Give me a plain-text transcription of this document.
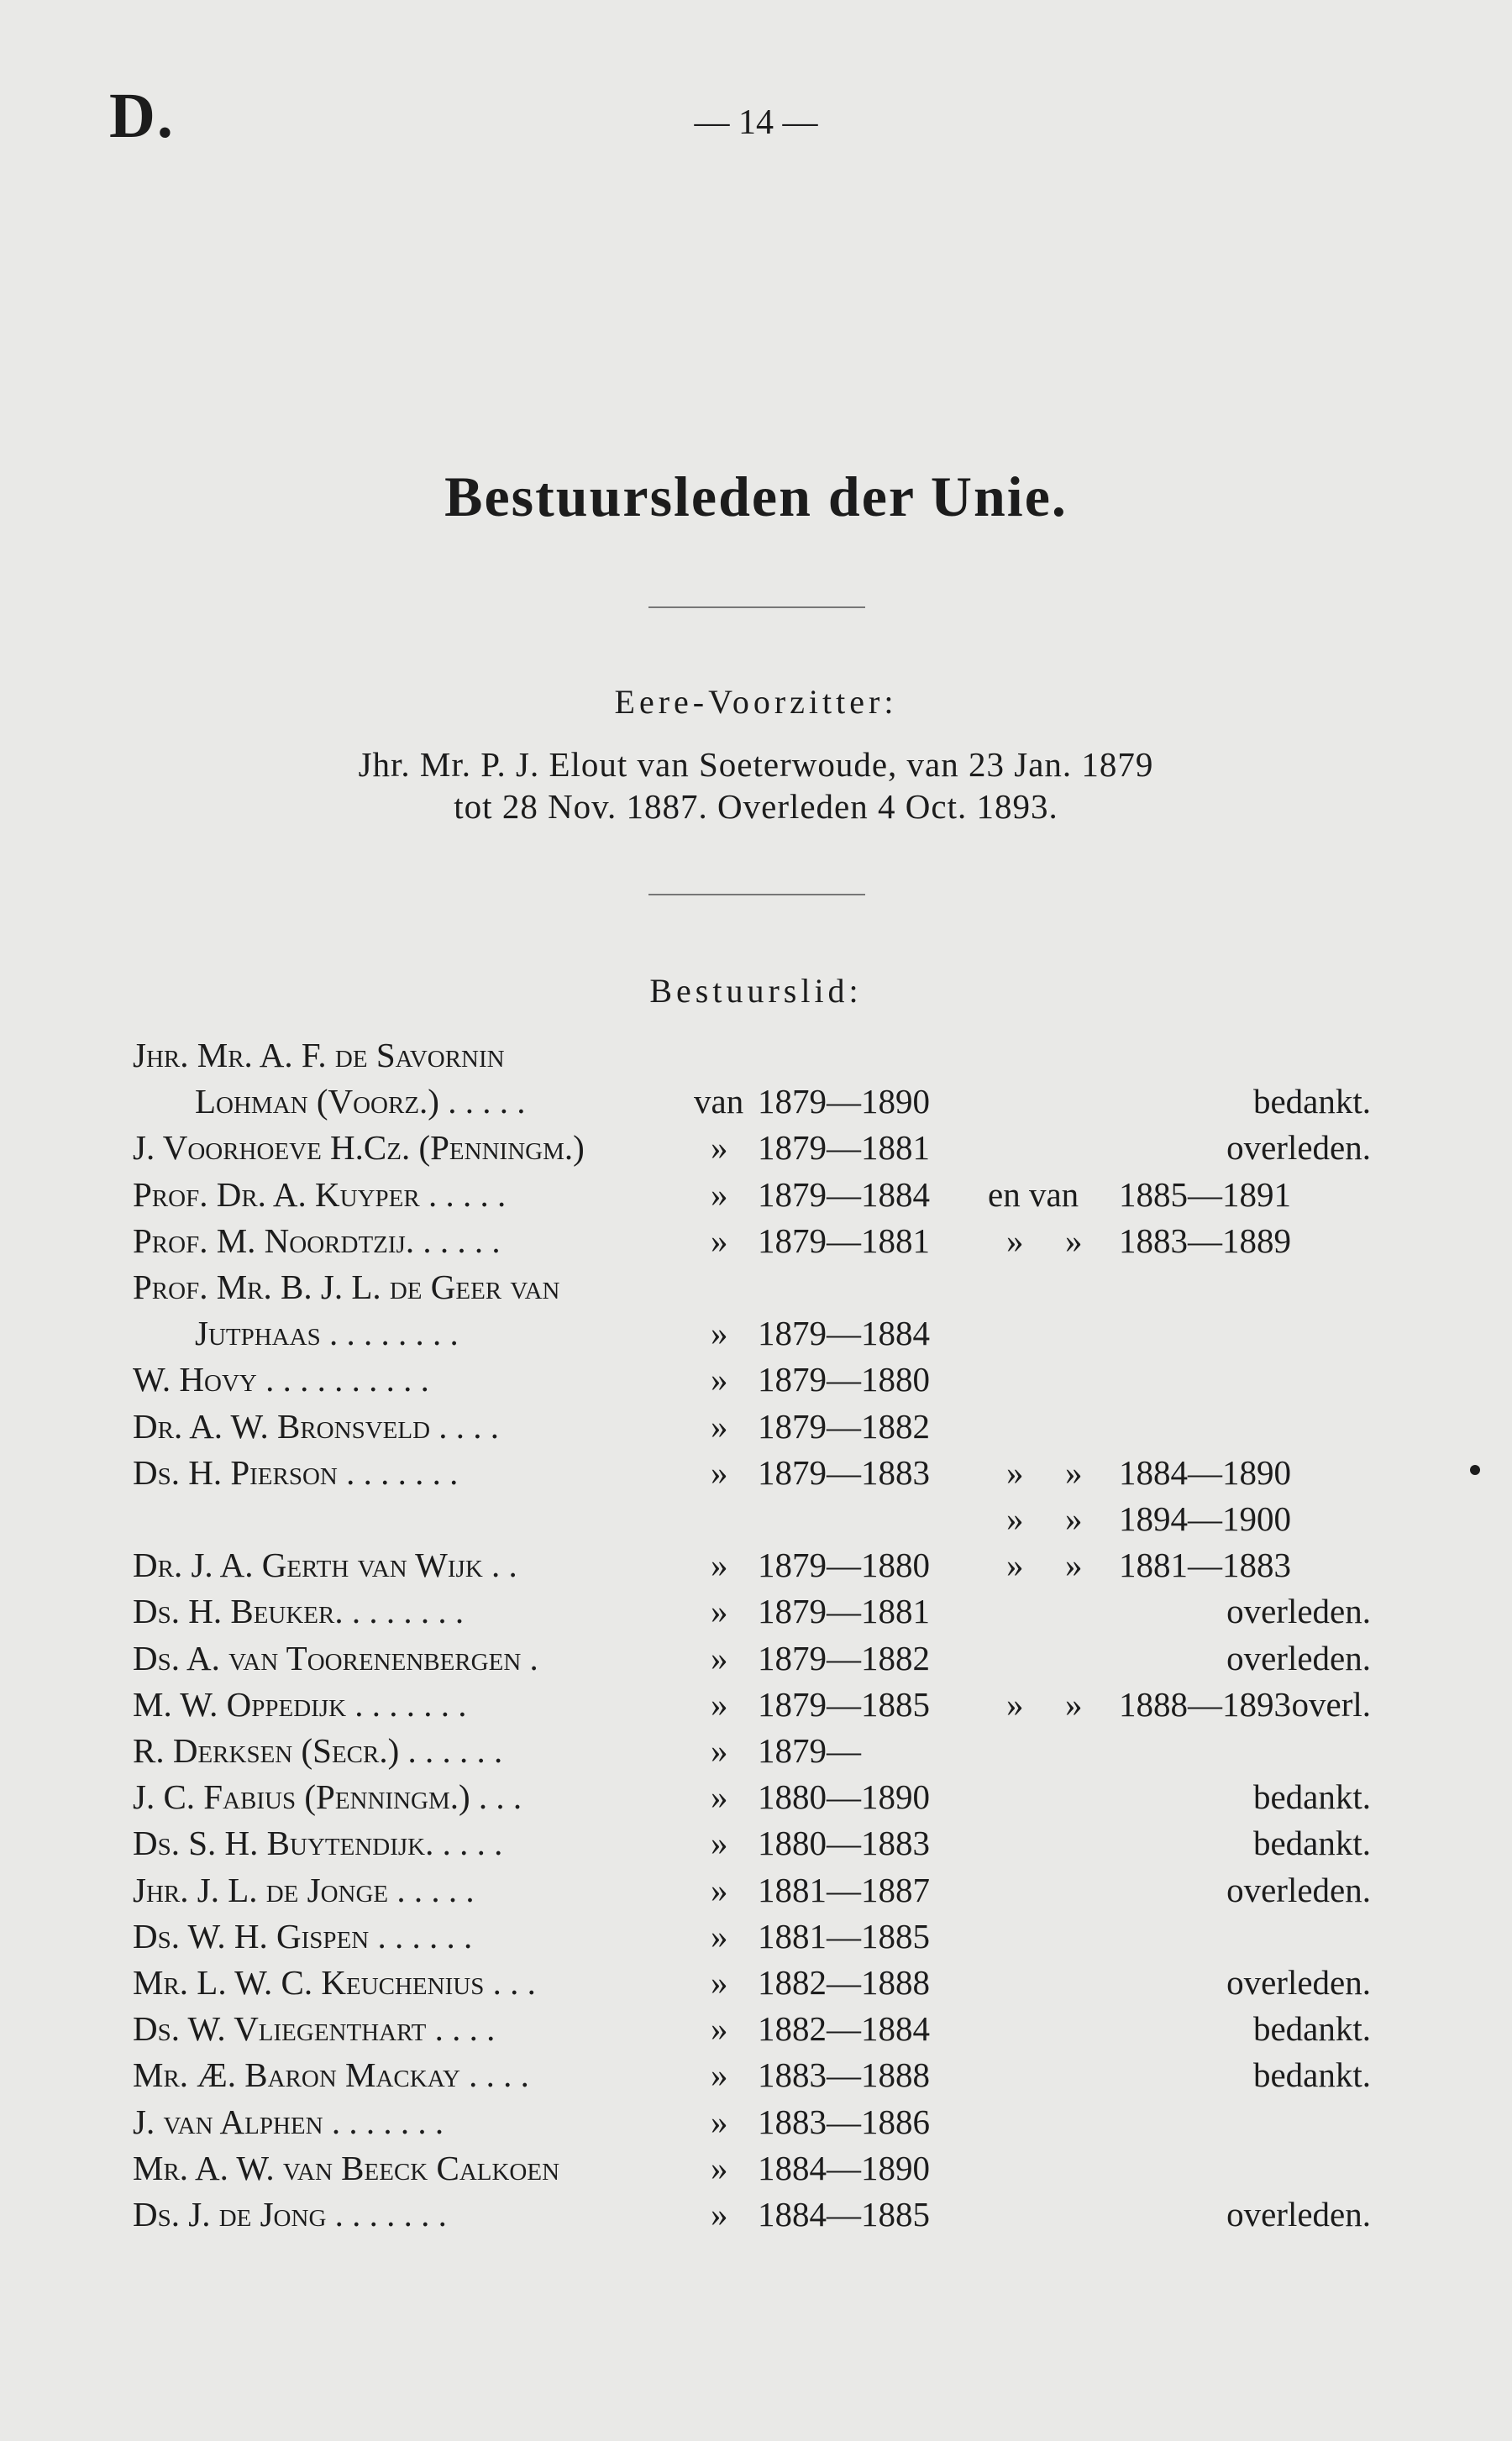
D.	— 14 —
Bestuursleden der Unie.
Eere-Voorzitter:
Jhr. Mr. P. J. Elout van Soeterwoude, van 23 Jan. 1879
tot 28 Nov. 1887. Overleden 4 Oct. 1893.
Bestuurslid:
Jhr. Mr. A. F. de Savornin
Lohman (Voorz.) . . . . .	van 1879—1890	bedankt.
J. Voorhoeve H.Cz. (Penningm.)	» 1879—1881	overleden.
Prof. Dr. A. Kuyper . . . . .	» 1879—1884 en van 1885—1891
Prof. M. Noordtzij. . . . . .	» 1879—1881 » » 1883—1889
Prof. Mr. B. J. L. de Geer van
Jutphaas . . . . . . . .	» 1879—1884
W. Hovy . . . . . . . . . .	» 1879—1880
Dr. A. W. Bronsveld . . . .	» 1879—1882
Ds. H. Pierson . . . . . . .	» 1879—1883 » » 1884—1890
» » 1894—1900
Dr. J. A. Gerth van Wijk . .	» 1879—1880 » » 1881—1883
Ds. H. Beuker. . . . . . . .	» 1879—1881	overleden.
Ds. A. van Toorenenbergen .	» 1879—1882	overleden.
M. W. Oppedijk . . . . . . .	» 1879—1885 » » 1888—1893 overl.
R. Derksen (Secr.) . . . . . .	» 1879—
J. C. Fabius (Penningm.) . . .	» 1880—1890	bedankt.
Ds. S. H. Buytendijk. . . . .	» 1880—1883	bedankt.
Jhr. J. L. de Jonge . . . . .	» 1881—1887	overleden.
Ds. W. H. Gispen . . . . . .	» 1881—1885
Mr. L. W. C. Keuchenius . . .	» 1882—1888	overleden.
Ds. W. Vliegenthart . . . .	» 1882—1884	bedankt.
Mr. Æ. Baron Mackay . . . .	» 1883—1888	bedankt.
J. van Alphen . . . . . . .	» 1883—1886
Mr. A. W. van Beeck Calkoen	» 1884—1890
Ds. J. de Jong . . . . . . .	» 1884—1885	overleden.
